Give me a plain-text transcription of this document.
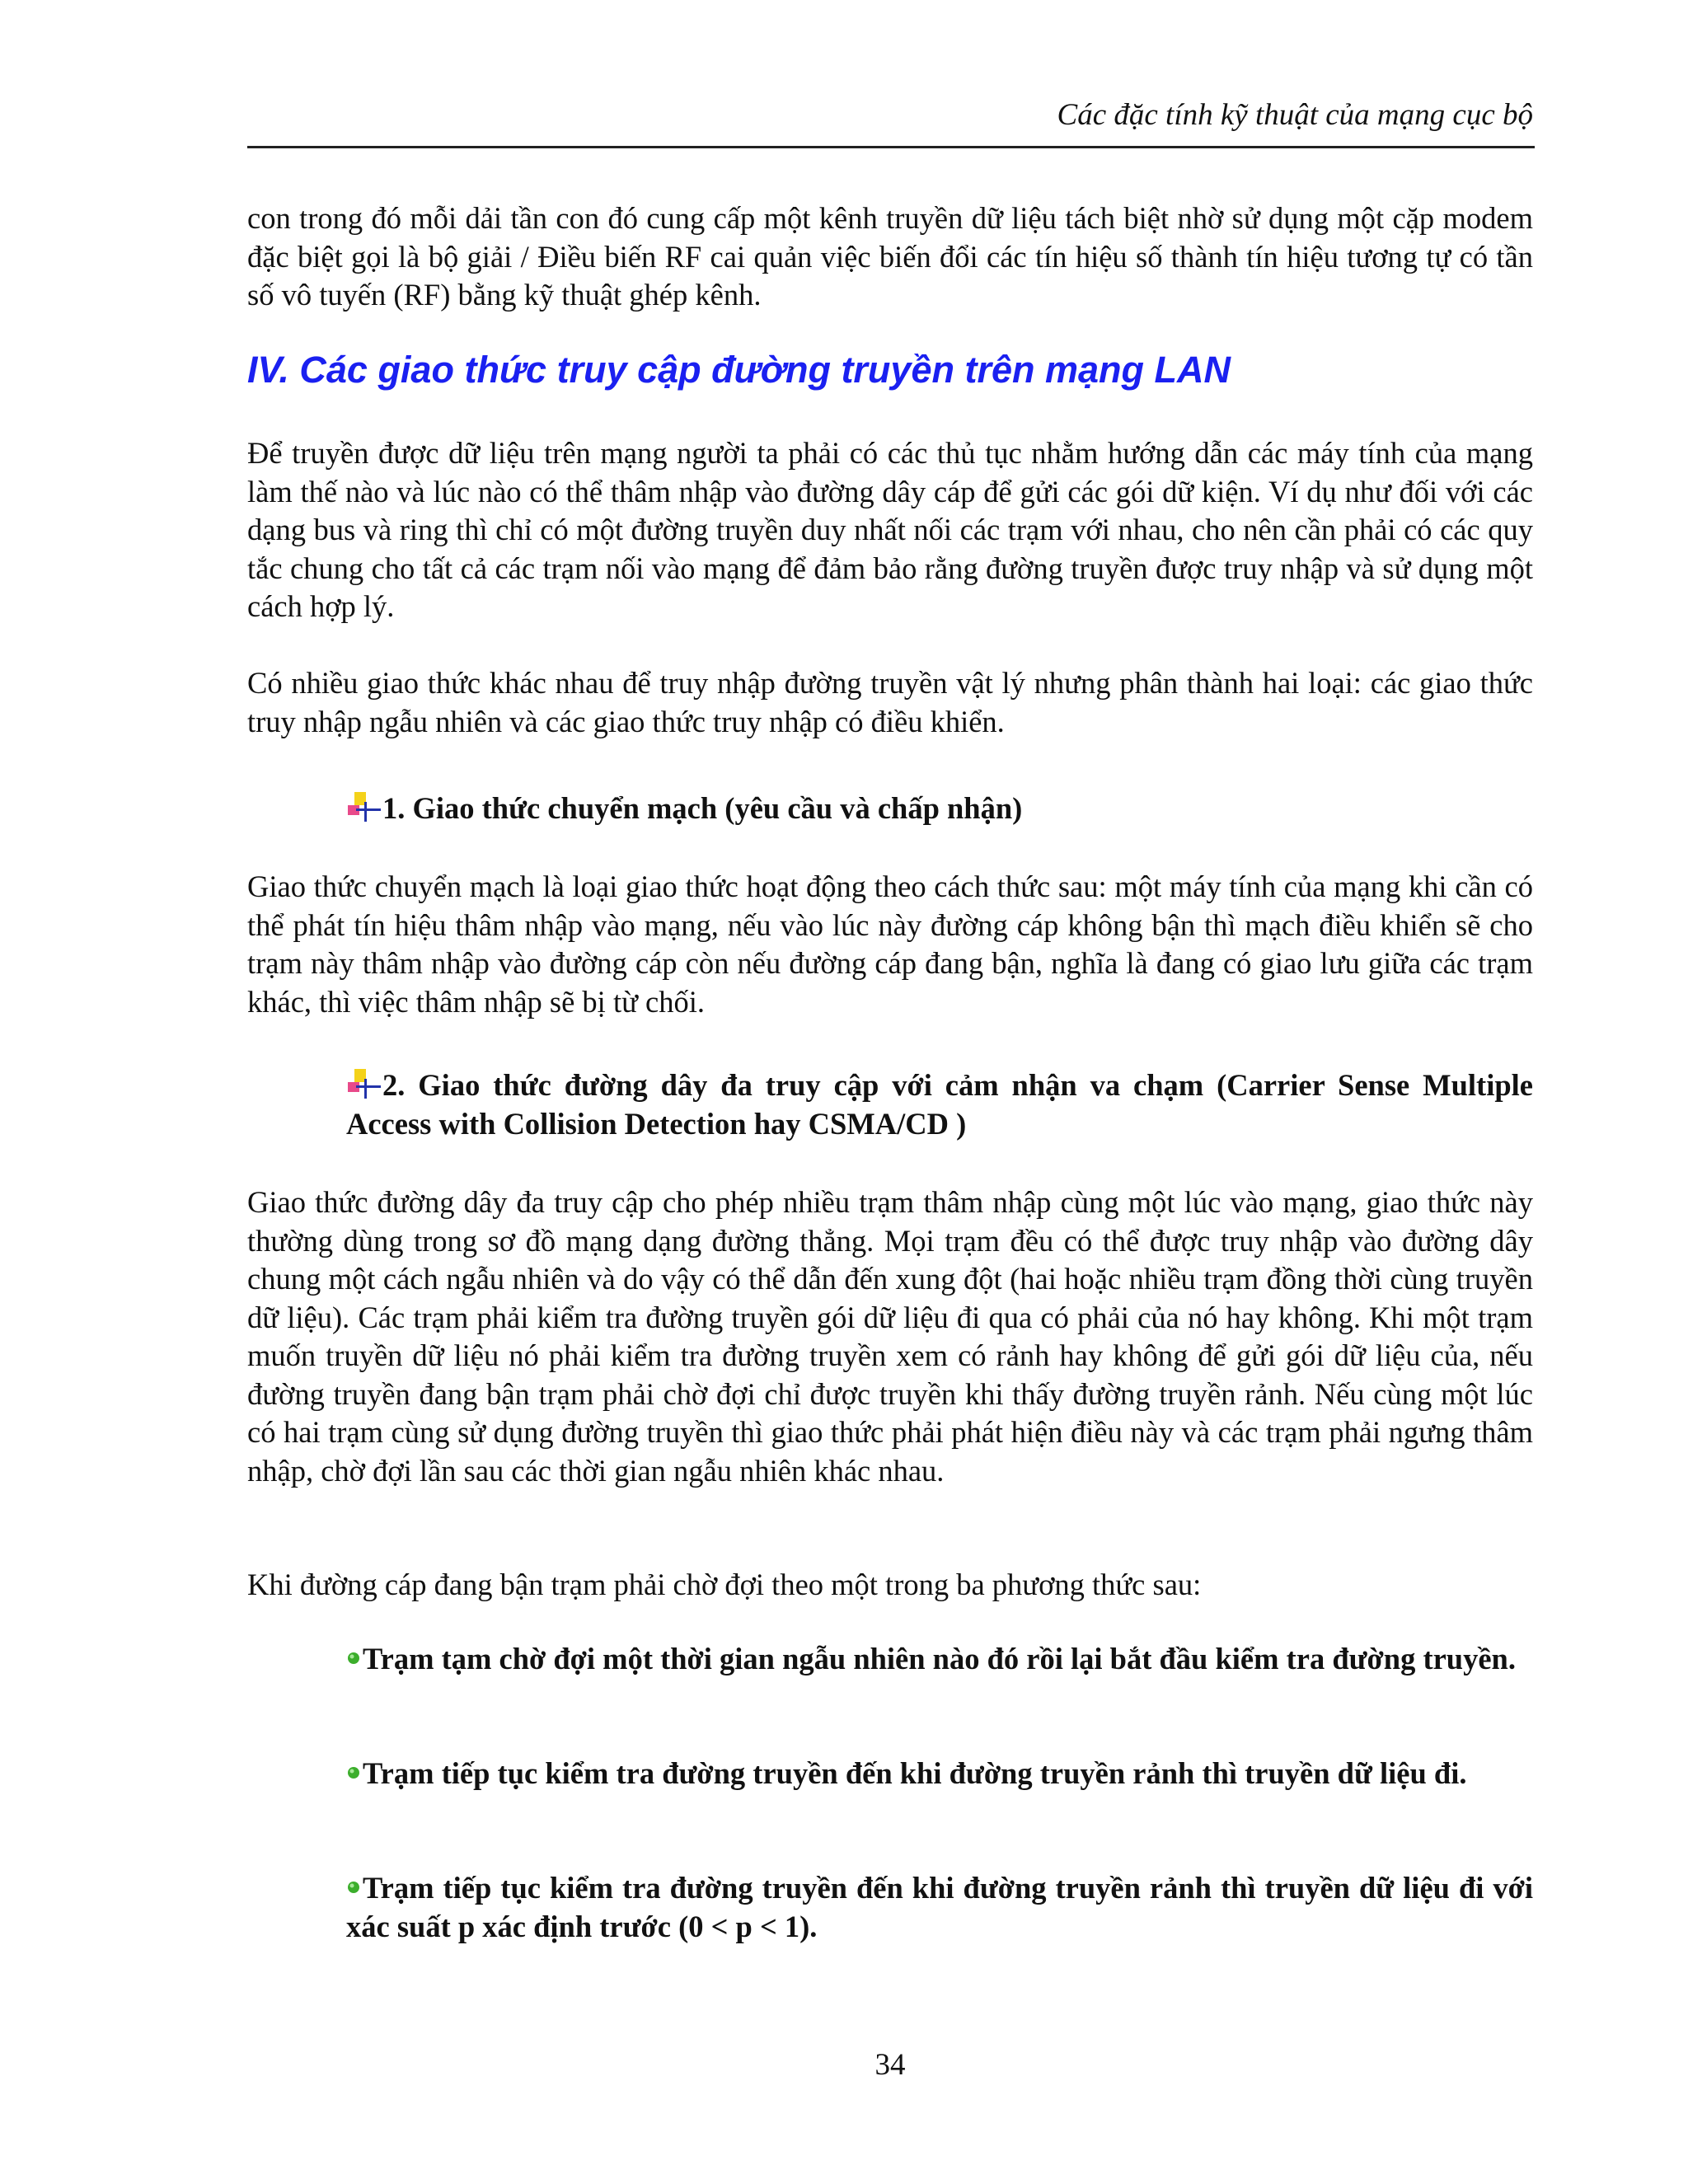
Các đặc tính kỹ thuật của mạng cục bộ

con trong đó mỗi dải tần con đó cung cấp một kênh truyền dữ liệu tách biệt nhờ sử dụng một cặp modem đặc biệt gọi là bộ giải / Điều biến RF cai quản việc biến đổi các tín hiệu số thành tín hiệu tương tự có tần số vô tuyến (RF) bằng kỹ thuật ghép kênh.

IV. Các giao thức truy cập đường truyền trên mạng LAN

Để truyền được dữ liệu trên mạng người ta phải có các thủ tục nhằm hướng dẫn các máy tính của mạng làm thế nào và lúc nào có thể thâm nhập vào đường dây cáp để gửi các gói dữ kiện. Ví dụ như đối với các dạng bus và ring thì chỉ có một đường truyền duy nhất nối các trạm với nhau, cho nên cần phải có các quy tắc chung cho tất cả các trạm nối vào mạng để đảm bảo rằng đường truyền được truy nhập và sử dụng một cách hợp lý.

Có nhiều giao thức khác nhau để truy nhập đường truyền vật lý nhưng phân thành hai loại: các giao thức truy nhập ngẫu nhiên và các giao thức truy nhập có điều khiển.

1. Giao thức chuyển mạch (yêu cầu và chấp nhận)

Giao thức chuyển mạch là loại giao thức hoạt động theo cách thức sau: một máy tính của mạng khi cần có thể phát tín hiệu thâm nhập vào mạng, nếu vào lúc này đường cáp không bận thì mạch điều khiển sẽ cho trạm này thâm nhập vào đường cáp còn nếu đường cáp đang bận, nghĩa là đang có giao lưu giữa các trạm khác, thì việc thâm nhập sẽ bị từ chối.

2. Giao thức đường dây đa truy cập với cảm nhận va chạm (Carrier Sense Multiple Access with Collision Detection hay CSMA/CD )

Giao thức đường dây đa truy cập cho phép nhiều trạm thâm nhập cùng một lúc vào mạng, giao thức này thường dùng trong sơ đồ mạng dạng đường thẳng. Mọi trạm đều có thể được truy nhập vào đường dây chung một cách ngẫu nhiên và do vậy có thể dẫn đến xung đột (hai hoặc nhiều trạm đồng thời cùng truyền dữ liệu). Các trạm phải kiểm tra đường truyền gói dữ liệu đi qua có phải của nó hay không. Khi một trạm muốn truyền dữ liệu nó phải kiểm tra đường truyền xem có rảnh hay không để gửi gói dữ liệu của, nếu đường truyền đang bận trạm phải chờ đợi chỉ được truyền khi thấy đường truyền rảnh. Nếu cùng một lúc có hai trạm cùng sử dụng đường truyền thì giao thức phải phát hiện điều này và các trạm phải ngưng thâm nhập, chờ đợi lần sau các thời gian ngẫu nhiên khác nhau.

Khi đường cáp đang bận trạm phải chờ đợi theo một trong ba phương thức sau:

Trạm tạm chờ đợi một thời gian ngẫu nhiên nào đó rồi lại bắt đầu kiểm tra đường truyền.
Trạm tiếp tục kiểm tra đường truyền đến khi đường truyền rảnh thì truyền dữ liệu đi.
Trạm tiếp tục kiểm tra đường truyền đến khi đường truyền rảnh thì truyền dữ liệu đi với xác suất p xác định trước (0 < p < 1).
34
